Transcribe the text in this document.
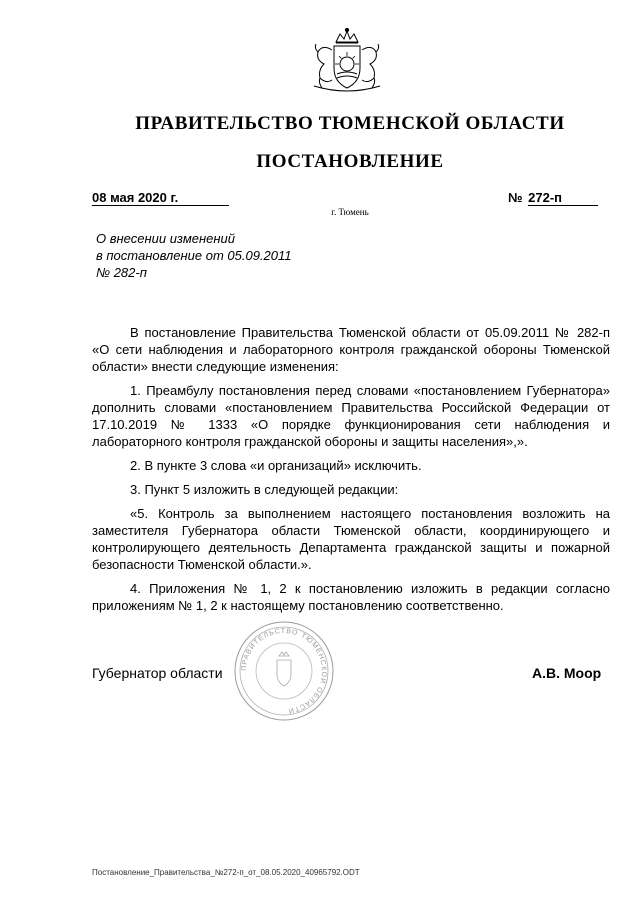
ПРАВИТЕЛЬСТВО ТЮМЕНСКОЙ ОБЛАСТИ
ПОСТАНОВЛЕНИЕ
08 мая 2020 г.	№ 272-п
г. Тюмень
О внесении изменений
в постановление от 05.09.2011
№ 282-п

В постановление Правительства Тюменской области от 05.09.2011 № 282-п «О сети наблюдения и лабораторного контроля гражданской обороны Тюменской области» внести следующие изменения:

1. Преамбулу постановления перед словами «постановлением Губернатора» дополнить словами «постановлением Правительства Российской Федерации от 17.10.2019 № 1333 «О порядке функционирования сети наблюдения и лабораторного контроля гражданской обороны и защиты населения»,».

2. В пункте 3 слова «и организаций» исключить.

3. Пункт 5 изложить в следующей редакции:

«5. Контроль за выполнением настоящего постановления возложить на заместителя Губернатора области Тюменской области, координирующего и контролирующего деятельность Департамента гражданской защиты и пожарной безопасности Тюменской области.».

4. Приложения № 1, 2 к постановлению изложить в редакции согласно приложениям № 1, 2 к настоящему постановлению соответственно.

ПРАВИТЕЛЬСТВО ТЮМЕНСКОЙ ОБЛАСТИ
Губернатор области	А.В. Моор
Постановление_Правительства_№272-п_от_08.05.2020_40965792.ODT
